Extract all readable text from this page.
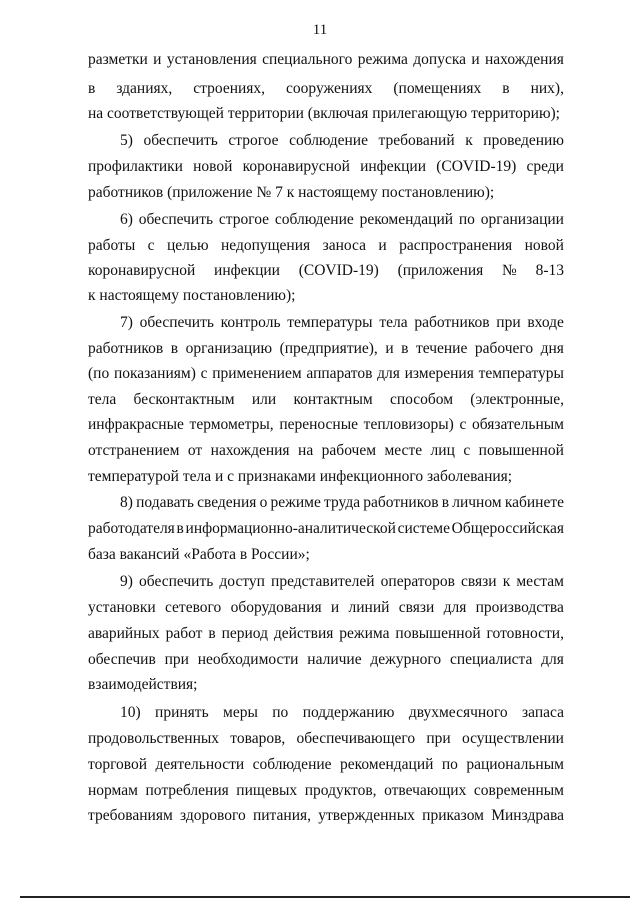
11
разметки и установления специального режима допуска и нахождения
в зданиях, строениях, сооружениях (помещениях в них),
на соответствующей территории (включая прилегающую территорию);
5) обеспечить строгое соблюдение требований к проведению
профилактики новой коронавирусной инфекции (COVID-19) среди
работников (приложение № 7 к настоящему постановлению);
6) обеспечить строгое соблюдение рекомендаций по организации
работы с целью недопущения заноса и распространения новой
коронавирусной инфекции (COVID-19) (приложения № 8-13
к настоящему постановлению);
7) обеспечить контроль температуры тела работников при входе
работников в организацию (предприятие), и в течение рабочего дня
(по показаниям) с применением аппаратов для измерения температуры
тела бесконтактным или контактным способом (электронные,
инфракрасные термометры, переносные тепловизоры) с обязательным
отстранением от нахождения на рабочем месте лиц с повышенной
температурой тела и с признаками инфекционного заболевания;
8) подавать сведения о режиме труда работников в личном кабинете
работодателя в информационно-аналитической системе Общероссийская
база вакансий «Работа в России»;
9) обеспечить доступ представителей операторов связи к местам
установки сетевого оборудования и линий связи для производства
аварийных работ в период действия режима повышенной готовности,
обеспечив при необходимости наличие дежурного специалиста для
взаимодействия;
10) принять меры по поддержанию двухмесячного запаса
продовольственных товаров, обеспечивающего при осуществлении
торговой деятельности соблюдение рекомендаций по рациональным
нормам потребления пищевых продуктов, отвечающих современным
требованиям здорового питания, утвержденных приказом Минздрава
